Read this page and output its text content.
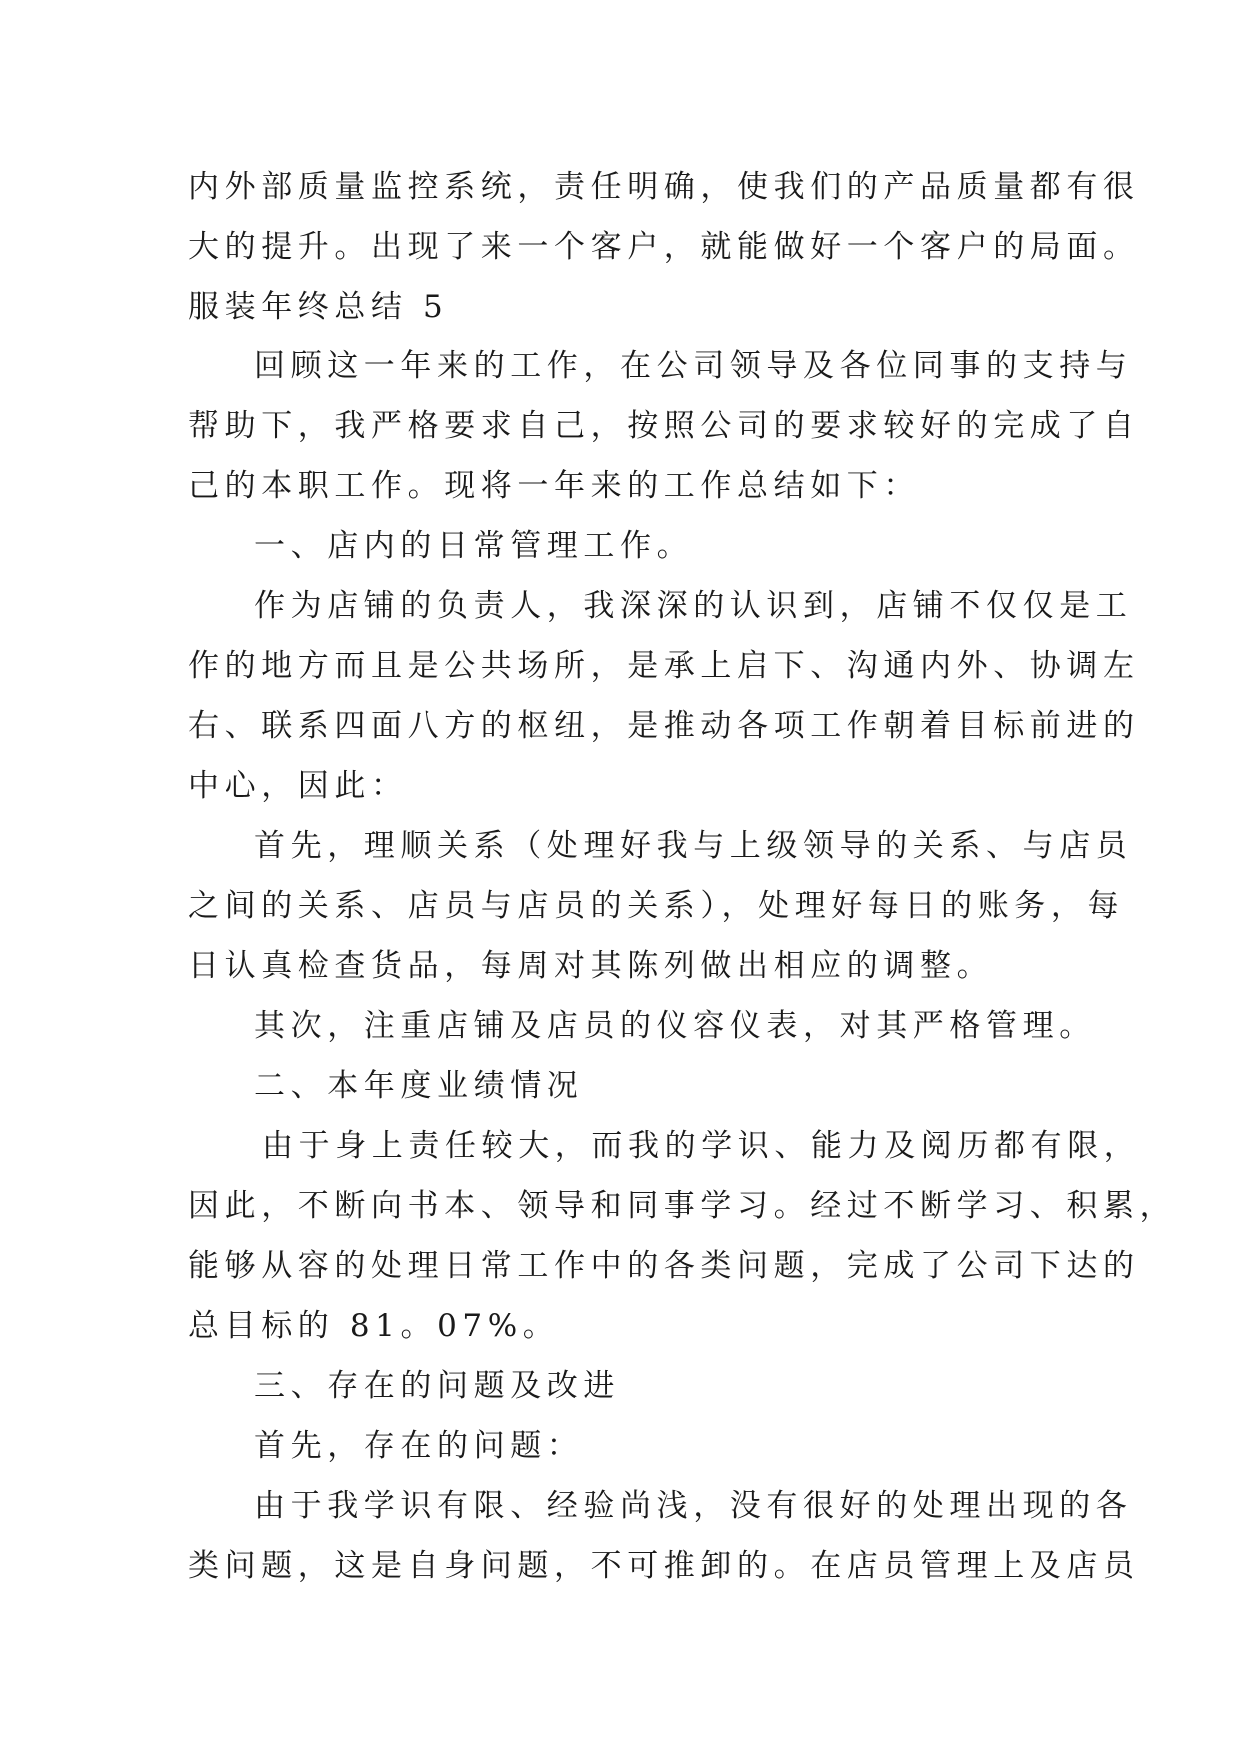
内外部质量监控系统，责任明确，使我们的产品质量都有很
大的提升。出现了来一个客户，就能做好一个客户的局面。
服装年终总结 5
回顾这一年来的工作，在公司领导及各位同事的支持与
帮助下，我严格要求自己，按照公司的要求较好的完成了自
己的本职工作。现将一年来的工作总结如下：
一、店内的日常管理工作。
作为店铺的负责人，我深深的认识到，店铺不仅仅是工
作的地方而且是公共场所，是承上启下、沟通内外、协调左
右、联系四面八方的枢纽，是推动各项工作朝着目标前进的
中心，因此：
首先，理顺关系（处理好我与上级领导的关系、与店员
之间的关系、店员与店员的关系），处理好每日的账务，每
日认真检查货品，每周对其陈列做出相应的调整。
其次，注重店铺及店员的仪容仪表，对其严格管理。
二、本年度业绩情况
由于身上责任较大，而我的学识、能力及阅历都有限，
因此，不断向书本、领导和同事学习。经过不断学习、积累，
能够从容的处理日常工作中的各类问题，完成了公司下达的
总目标的 81。07%。
三、存在的问题及改进
首先，存在的问题：
由于我学识有限、经验尚浅，没有很好的处理出现的各
类问题，这是自身问题，不可推卸的。在店员管理上及店员
